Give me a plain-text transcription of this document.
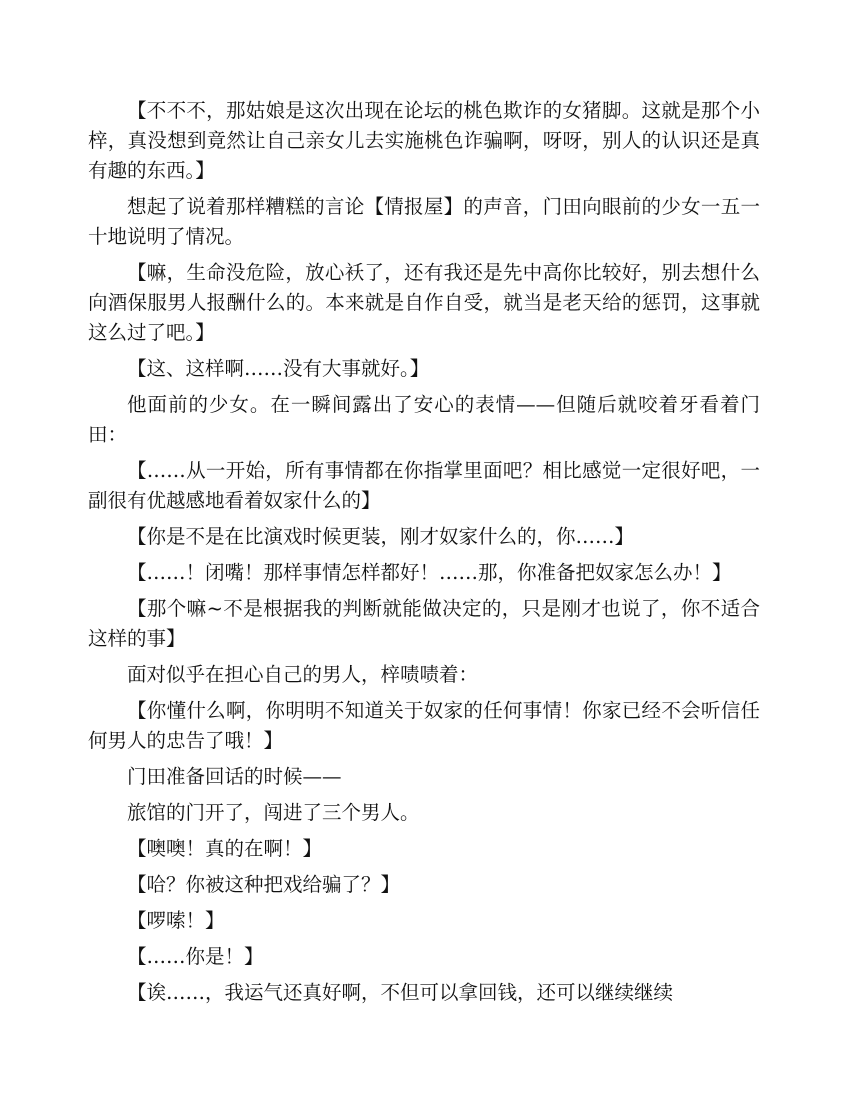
【不不不，那姑娘是这次出现在论坛的桃色欺诈的女猪脚。这就是那个小梓，真没想到竟然让自己亲女儿去实施桃色诈骗啊，呀呀，别人的认识还是真有趣的东西。】

想起了说着那样糟糕的言论【情报屋】的声音，门田向眼前的少女一五一十地说明了情况。

【嘛，生命没危险，放心袄了，还有我还是先中高你比较好，别去想什么向酒保服男人报酬什么的。本来就是自作自受，就当是老天给的惩罚，这事就这么过了吧。】

【这、这样啊……没有大事就好。】

他面前的少女。在一瞬间露出了安心的表情——但随后就咬着牙看着门田：

【……从一开始，所有事情都在你指掌里面吧？相比感觉一定很好吧，一副很有优越感地看着奴家什么的】

【你是不是在比演戏时候更装，刚才奴家什么的，你……】

【……！闭嘴！那样事情怎样都好！……那，你准备把奴家怎么办！】

【那个嘛~不是根据我的判断就能做决定的，只是刚才也说了，你不适合这样的事】

面对似乎在担心自己的男人，梓啧啧着：

【你懂什么啊，你明明不知道关于奴家的任何事情！你家已经不会听信任何男人的忠告了哦！】

门田准备回话的时候——

旅馆的门开了，闯进了三个男人。

【噢噢！真的在啊！】

【哈？你被这种把戏给骗了？】

【啰嗦！】

【……你是！】

【诶……，我运气还真好啊，不但可以拿回钱，还可以继续继续
